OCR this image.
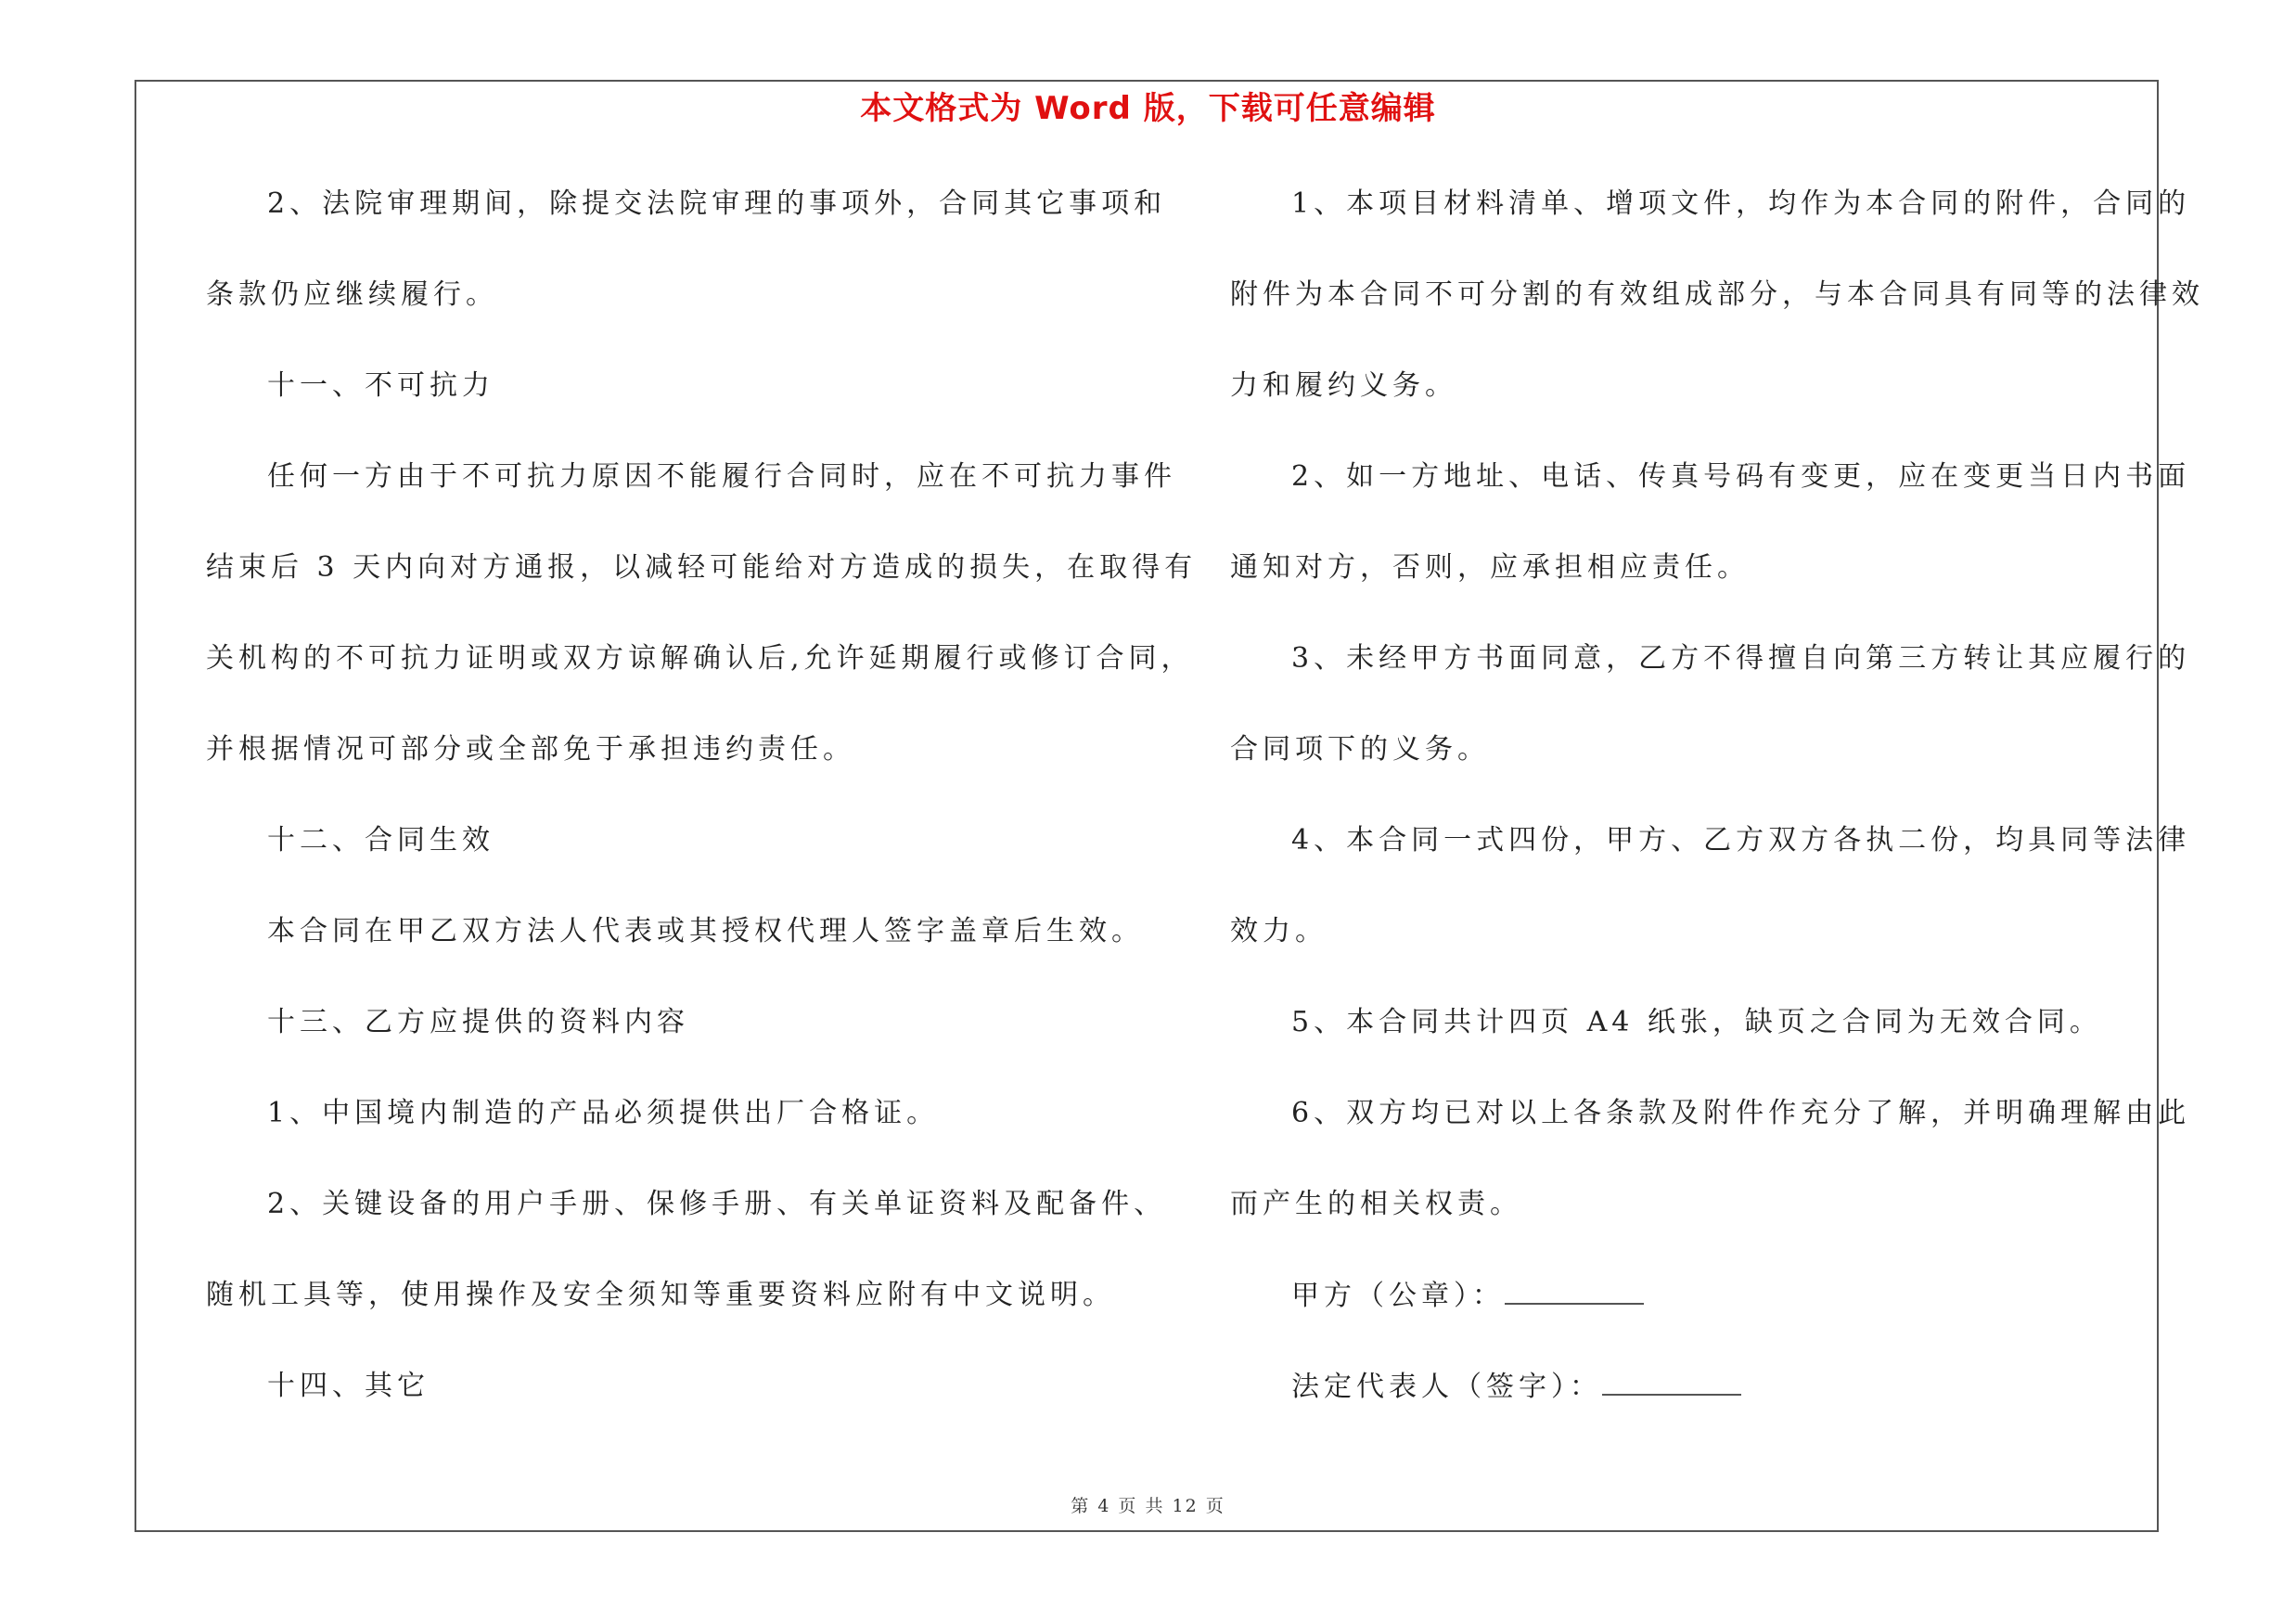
本文格式为 Word 版，下载可任意编辑
2、法院审理期间，除提交法院审理的事项外，合同其它事项和
条款仍应继续履行。
十一、不可抗力
任何一方由于不可抗力原因不能履行合同时，应在不可抗力事件
结束后 3 天内向对方通报，以减轻可能给对方造成的损失，在取得有
关机构的不可抗力证明或双方谅解确认后,允许延期履行或修订合同，
并根据情况可部分或全部免于承担违约责任。
十二、合同生效
本合同在甲乙双方法人代表或其授权代理人签字盖章后生效。
十三、乙方应提供的资料内容
1、中国境内制造的产品必须提供出厂合格证。
2、关键设备的用户手册、保修手册、有关单证资料及配备件、
随机工具等，使用操作及安全须知等重要资料应附有中文说明。
十四、其它
1、本项目材料清单、增项文件，均作为本合同的附件，合同的
附件为本合同不可分割的有效组成部分，与本合同具有同等的法律效
力和履约义务。
2、如一方地址、电话、传真号码有变更，应在变更当日内书面
通知对方，否则，应承担相应责任。
3、未经甲方书面同意，乙方不得擅自向第三方转让其应履行的
合同项下的义务。
4、本合同一式四份，甲方、乙方双方各执二份，均具同等法律
效力。
5、本合同共计四页 A4 纸张，缺页之合同为无效合同。
6、双方均已对以上各条款及附件作充分了解，并明确理解由此
而产生的相关权责。
甲方（公章）：
法定代表人（签字）：
第 4 页 共 12 页
